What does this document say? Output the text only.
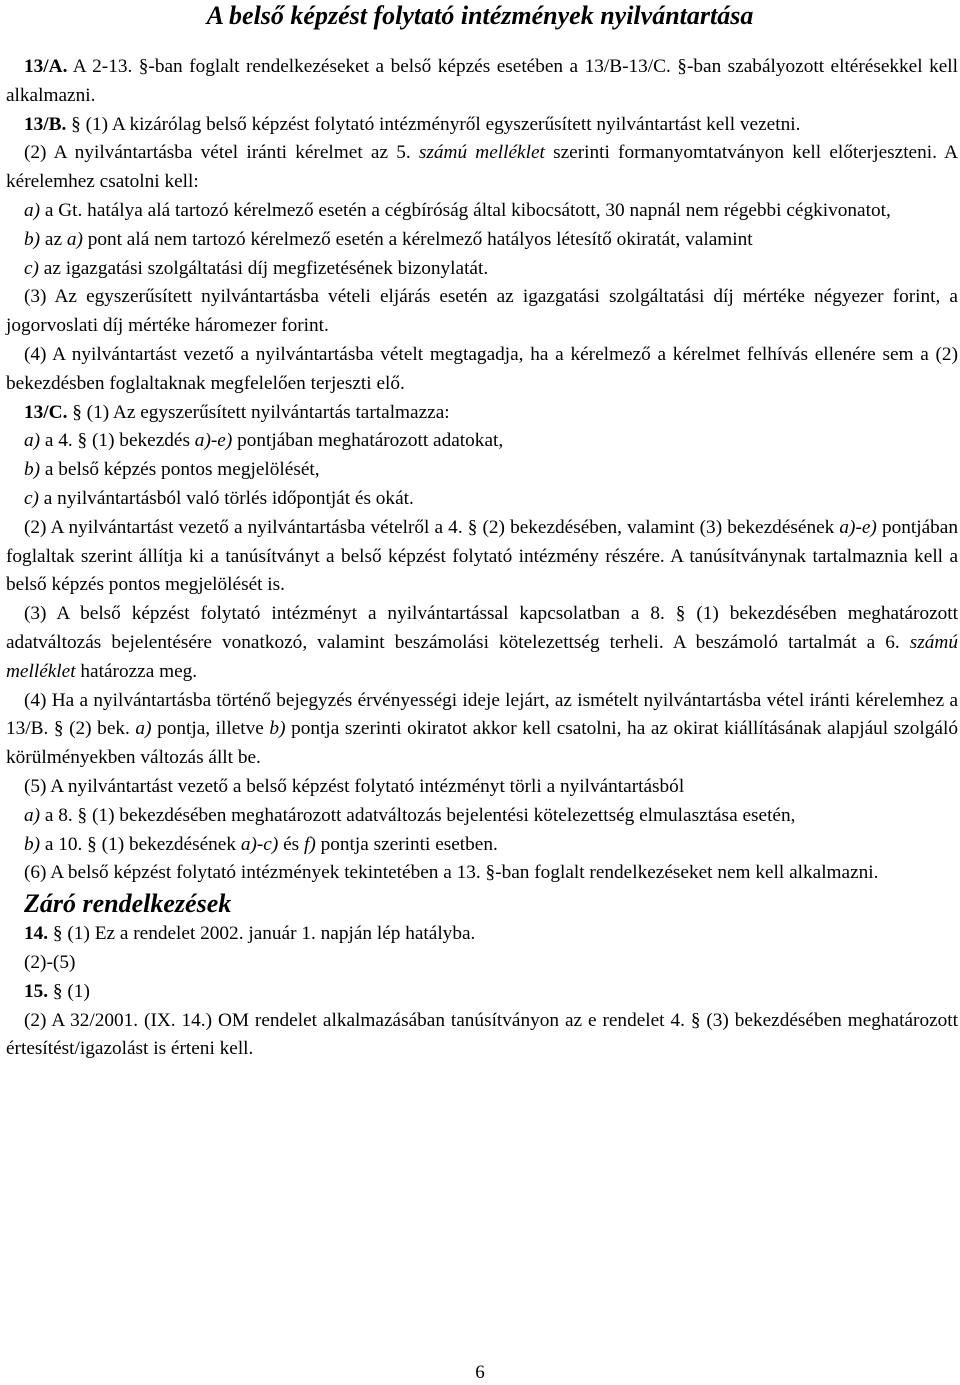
A belső képzést folytató intézmények nyilvántartása

13/A. A 2-13. §-ban foglalt rendelkezéseket a belső képzés esetében a 13/B-13/C. §-ban szabályozott eltérésekkel kell alkalmazni.

13/B. § (1) A kizárólag belső képzést folytató intézményről egyszerűsített nyilvántartást kell vezetni.

(2) A nyilvántartásba vétel iránti kérelmet az 5. számú melléklet szerinti formanyomtatványon kell előterjeszteni. A kérelemhez csatolni kell:

a) a Gt. hatálya alá tartozó kérelmező esetén a cégbíróság által kibocsátott, 30 napnál nem régebbi cégkivonatot,

b) az a) pont alá nem tartozó kérelmező esetén a kérelmező hatályos létesítő okiratát, valamint

c) az igazgatási szolgáltatási díj megfizetésének bizonylatát.

(3) Az egyszerűsített nyilvántartásba vételi eljárás esetén az igazgatási szolgáltatási díj mértéke négyezer forint, a jogorvoslati díj mértéke háromezer forint.

(4) A nyilvántartást vezető a nyilvántartásba vételt megtagadja, ha a kérelmező a kérelmet felhívás ellenére sem a (2) bekezdésben foglaltaknak megfelelően terjeszti elő.

13/C. § (1) Az egyszerűsített nyilvántartás tartalmazza:

a) a 4. § (1) bekezdés a)-e) pontjában meghatározott adatokat,

b) a belső képzés pontos megjelölését,

c) a nyilvántartásból való törlés időpontját és okát.

(2) A nyilvántartást vezető a nyilvántartásba vételről a 4. § (2) bekezdésében, valamint (3) bekezdésének a)-e) pontjában foglaltak szerint állítja ki a tanúsítványt a belső képzést folytató intézmény részére. A tanúsítványnak tartalmaznia kell a belső képzés pontos megjelölését is.

(3) A belső képzést folytató intézményt a nyilvántartással kapcsolatban a 8. § (1) bekezdésében meghatározott adatváltozás bejelentésére vonatkozó, valamint beszámolási kötelezettség terheli. A beszámoló tartalmát a 6. számú melléklet határozza meg.

(4) Ha a nyilvántartásba történő bejegyzés érvényességi ideje lejárt, az ismételt nyilvántartásba vétel iránti kérelemhez a 13/B. § (2) bek. a) pontja, illetve b) pontja szerinti okiratot akkor kell csatolni, ha az okirat kiállításának alapjául szolgáló körülményekben változás állt be.

(5) A nyilvántartást vezető a belső képzést folytató intézményt törli a nyilvántartásból

a) a 8. § (1) bekezdésében meghatározott adatváltozás bejelentési kötelezettség elmulasztása esetén,

b) a 10. § (1) bekezdésének a)-c) és f) pontja szerinti esetben.

(6) A belső képzést folytató intézmények tekintetében a 13. §-ban foglalt rendelkezéseket nem kell alkalmazni.

Záró rendelkezések

14. § (1) Ez a rendelet 2002. január 1. napján lép hatályba.

(2)-(5)

15. § (1)

(2) A 32/2001. (IX. 14.) OM rendelet alkalmazásában tanúsítványon az e rendelet 4. § (3) bekezdésében meghatározott értesítést/igazolást is érteni kell.

6
